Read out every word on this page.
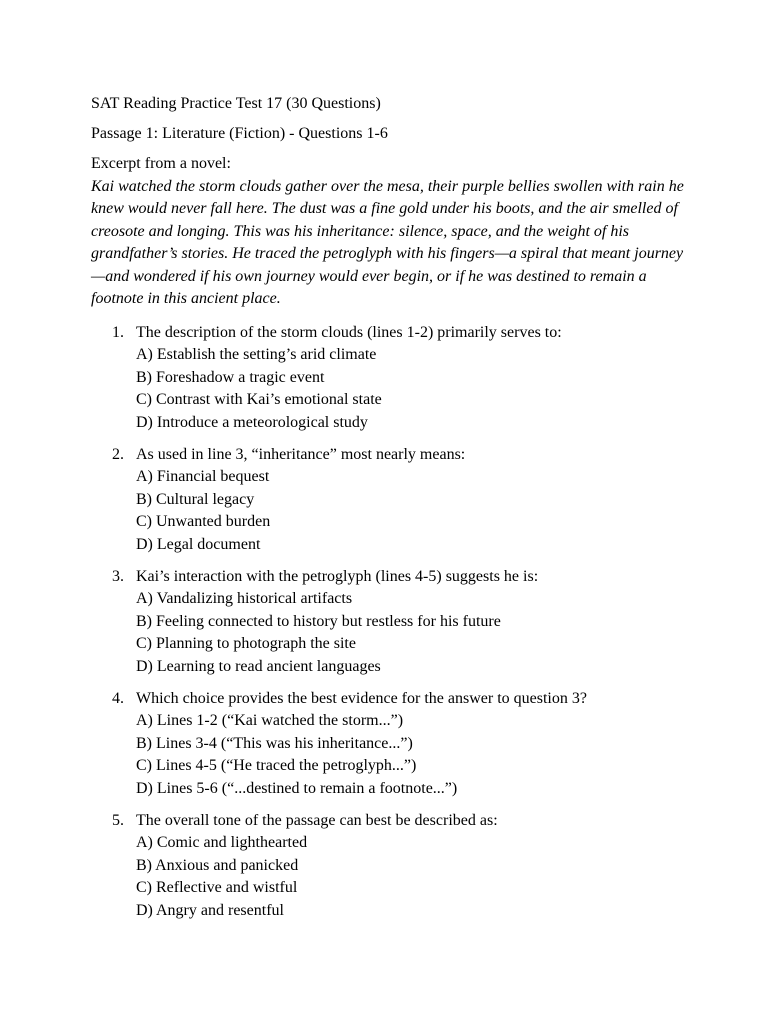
SAT Reading Practice Test 17 (30 Questions)
Passage 1: Literature (Fiction) - Questions 1-6
Excerpt from a novel:
Kai watched the storm clouds gather over the mesa, their purple bellies swollen with rain he knew would never fall here. The dust was a fine gold under his boots, and the air smelled of creosote and longing. This was his inheritance: silence, space, and the weight of his grandfather’s stories. He traced the petroglyph with his fingers—a spiral that meant journey—and wondered if his own journey would ever begin, or if he was destined to remain a footnote in this ancient place.
1. The description of the storm clouds (lines 1-2) primarily serves to:
A) Establish the setting’s arid climate
B) Foreshadow a tragic event
C) Contrast with Kai’s emotional state
D) Introduce a meteorological study
2. As used in line 3, “inheritance” most nearly means:
A) Financial bequest
B) Cultural legacy
C) Unwanted burden
D) Legal document
3. Kai’s interaction with the petroglyph (lines 4-5) suggests he is:
A) Vandalizing historical artifacts
B) Feeling connected to history but restless for his future
C) Planning to photograph the site
D) Learning to read ancient languages
4. Which choice provides the best evidence for the answer to question 3?
A) Lines 1-2 (“Kai watched the storm...”)
B) Lines 3-4 (“This was his inheritance...”)
C) Lines 4-5 (“He traced the petroglyph...”)
D) Lines 5-6 (“...destined to remain a footnote...”)
5. The overall tone of the passage can best be described as:
A) Comic and lighthearted
B) Anxious and panicked
C) Reflective and wistful
D) Angry and resentful
